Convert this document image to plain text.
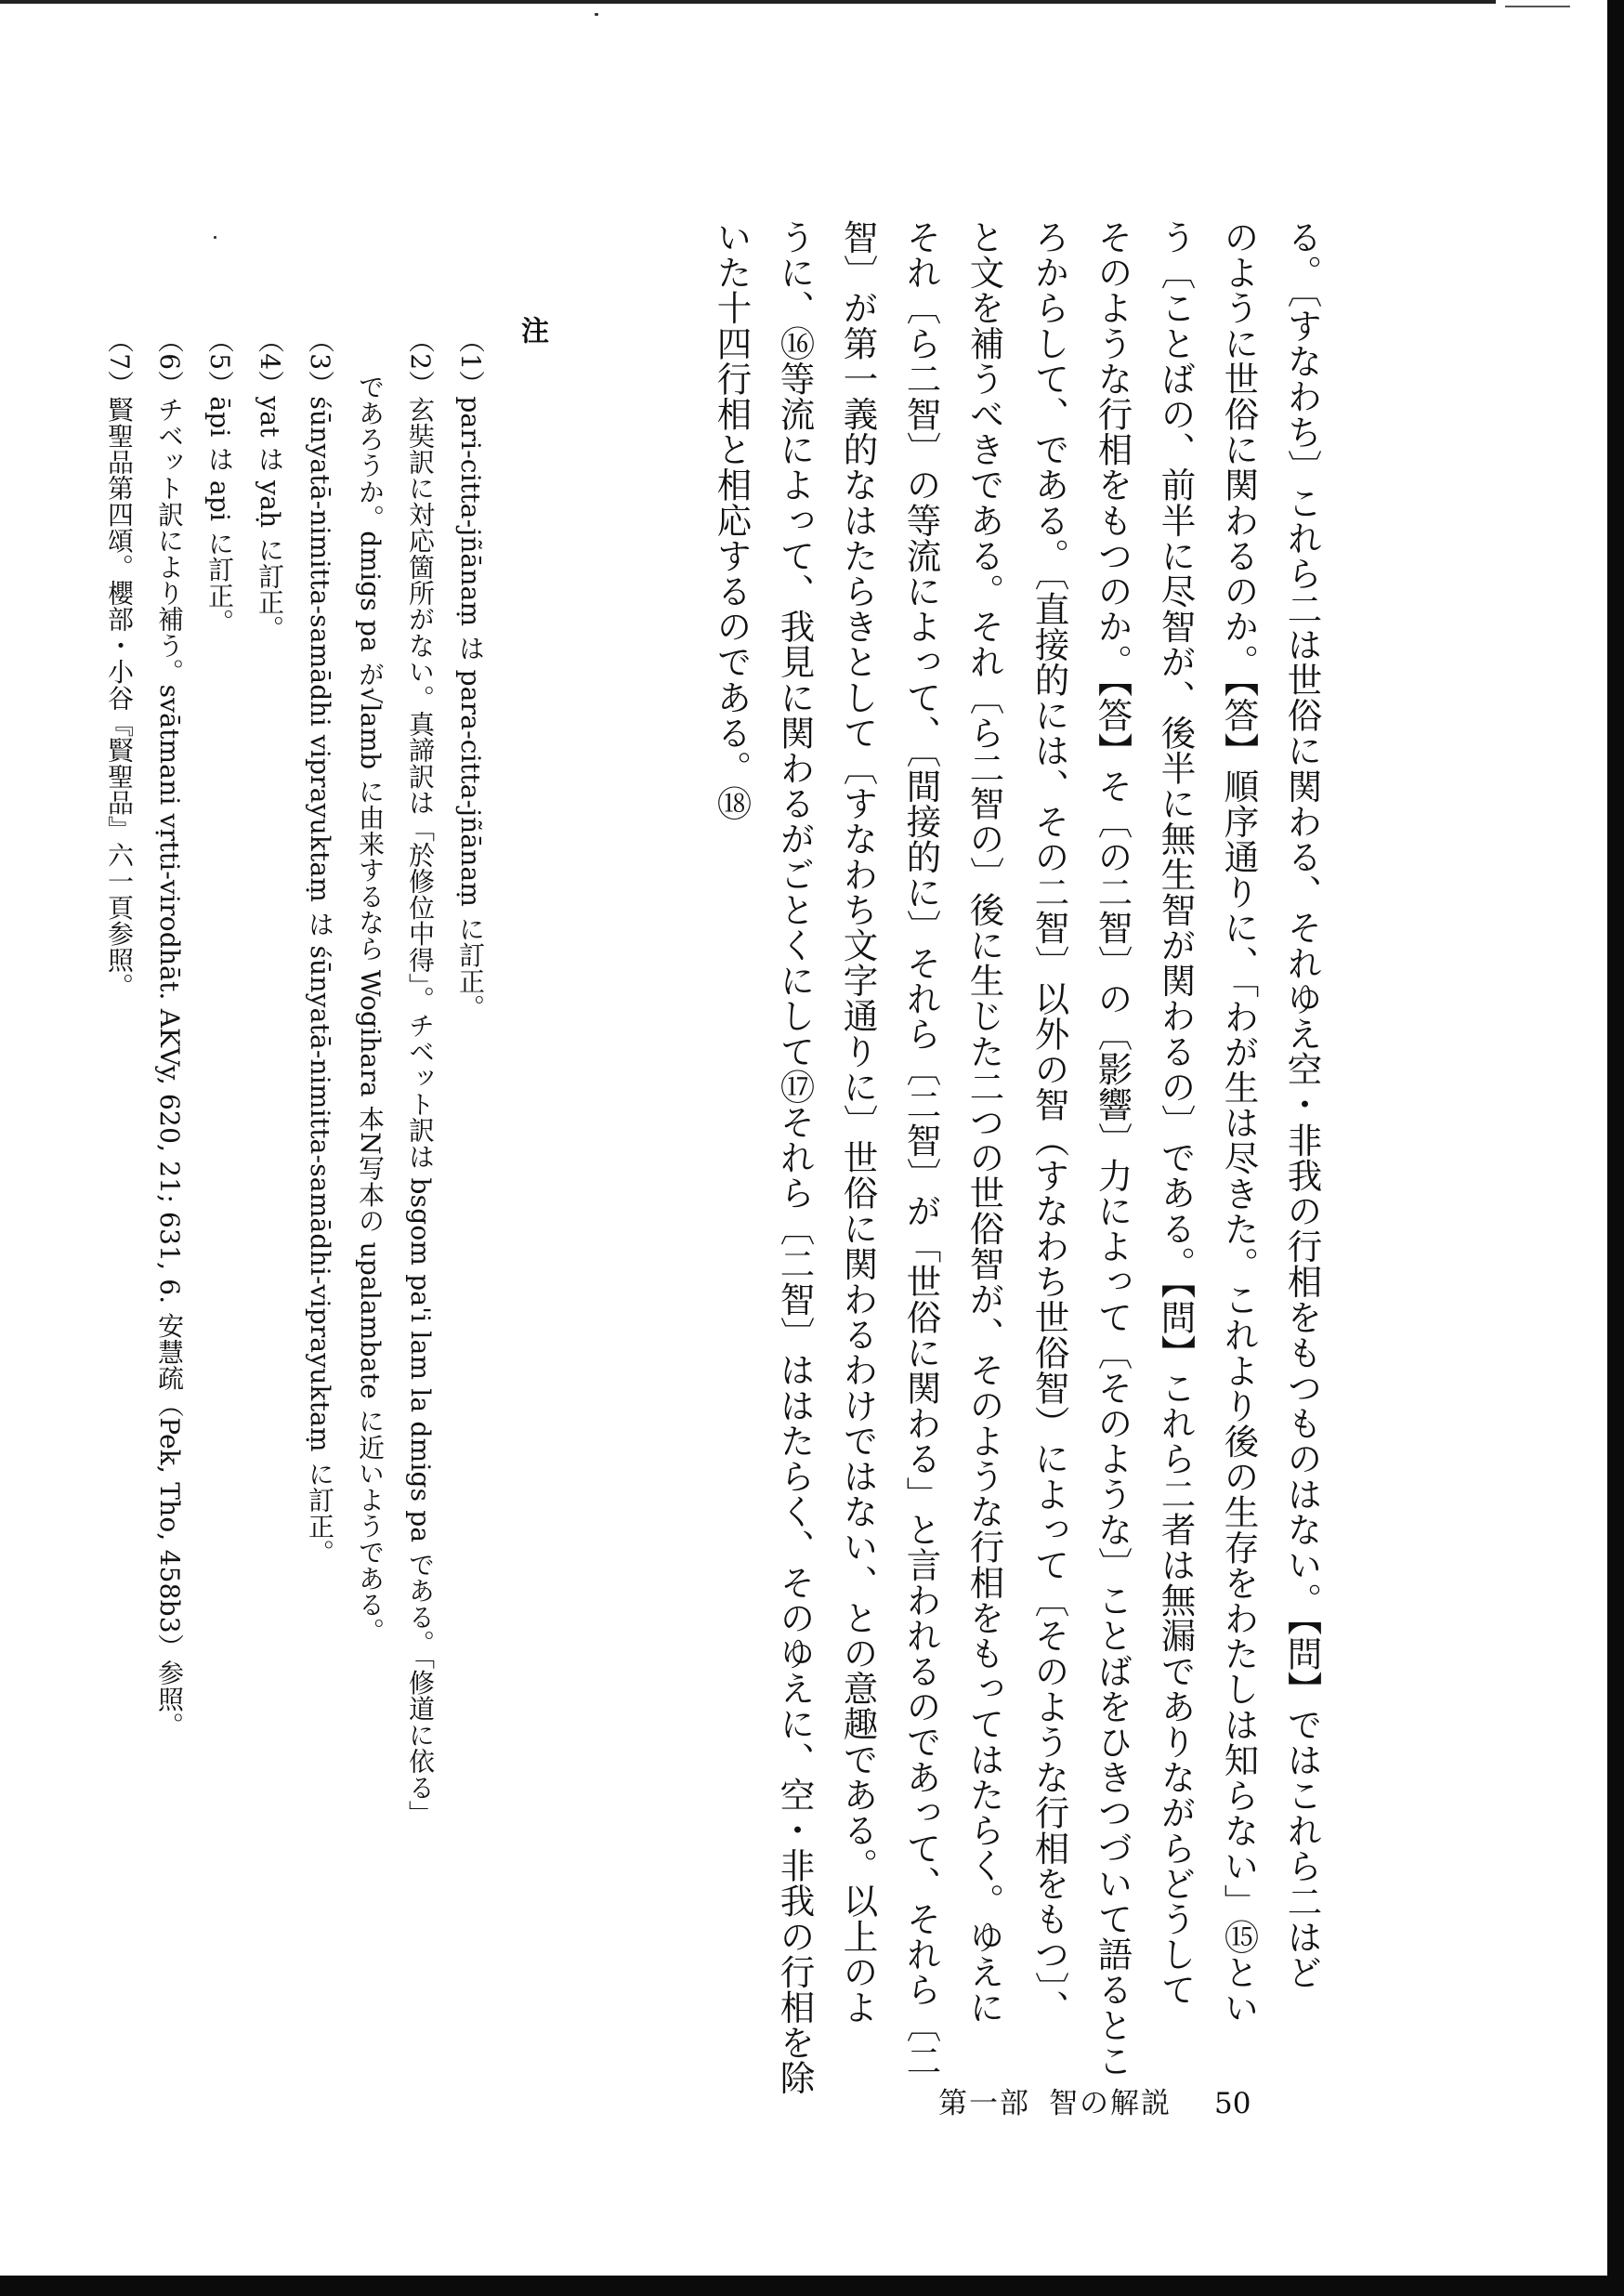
る。〔すなわち〕これら二は世俗に関わる、それゆえ空・非我の行相をもつものはない。【問】ではこれら二はど
のように世俗に関わるのか。【答】順序通りに、「わが生は尽きた。これより後の生存をわたしは知らない」⑮とい
う〔ことばの、前半に尽智が、後半に無生智が関わるの〕である。【問】これら二者は無漏でありながらどうして
そのような行相をもつのか。【答】そ〔の二智〕の〔影響〕力によって〔そのような〕ことばをひきつづいて語るとこ
ろからして、である。〔直接的には、その二智〕以外の智（すなわち世俗智）によって〔そのような行相をもつ〕、
と文を補うべきである。それ〔ら二智の〕後に生じた二つの世俗智が、そのような行相をもってはたらく。ゆえに
それ〔ら二智〕の等流によって、〔間接的に〕それら〔二智〕が「世俗に関わる」と言われるのであって、それら〔二
智〕が第一義的なはたらきとして〔すなわち文字通りに〕世俗に関わるわけではない、との意趣である。以上のよ
うに、⑯等流によって、我見に関わるがごとくにして⑰それら〔二智〕ははたらく、そのゆえに、空・非我の行相を除
いた十四行相と相応するのである。⑱
注
（1）pari-citta-jñānaṃ は para-citta-jñānaṃ に訂正。
（2）玄奘訳に対応箇所がない。真諦訳は「於修位中得」。チベット訳は bsgom pa'i lam la dmigs pa である。「修道に依る」
であろうか。dmigs pa が√lamb に由来するなら Wogihara 本N写本の upalambate に近いようである。
（3）śūnyatā-nimitta-samādhi viprayuktaṃ は śūnyatā-nimitta-samādhi-viprayuktaṃ に訂正。
（4）yat は yaḥ に訂正。
（5）āpi は api に訂正。
（6）チベット訳により補う。svātmani vṛtti-virodhāt. AKVy, 620, 21; 631, 6. 安慧疏（Pek, Tho, 458b3）参照。
（7）賢聖品第四頌。櫻部・小谷『賢聖品』六一頁参照。
第一部 智の解説 50
